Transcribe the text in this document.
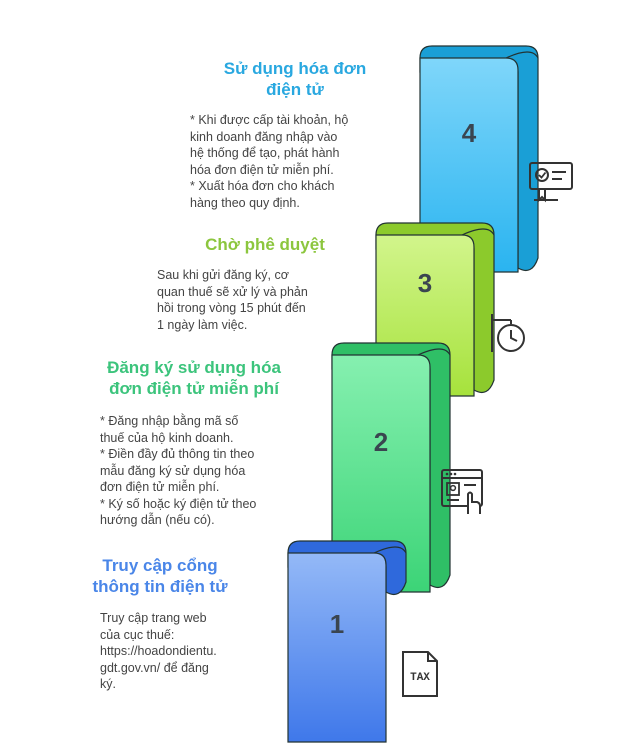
4
3
2
1
Sử dụng hóa đơn
điện tử
* Khi được cấp tài khoản, hộ
kinh doanh đăng nhập vào
hệ thống để tạo, phát hành
hóa đơn điện tử miễn phí.
* Xuất hóa đơn cho khách
hàng theo quy định.
Chờ phê duyệt
Sau khi gửi đăng ký, cơ
quan thuế sẽ xử lý và phản
hồi trong vòng 15 phút đến
1 ngày làm việc.
Đăng ký sử dụng hóa
đơn điện tử miễn phí
* Đăng nhập bằng mã số
thuế của hộ kinh doanh.
* Điền đầy đủ thông tin theo
mẫu đăng ký sử dụng hóa
đơn điện tử miễn phí.
* Ký số hoặc ký điện tử theo
hướng dẫn (nếu có).
Truy cập cổng
thông tin điện tử
Truy cập trang web
của cục thuế:
https://hoadondientu.
gdt.gov.vn/ để đăng
ký.	TAX
